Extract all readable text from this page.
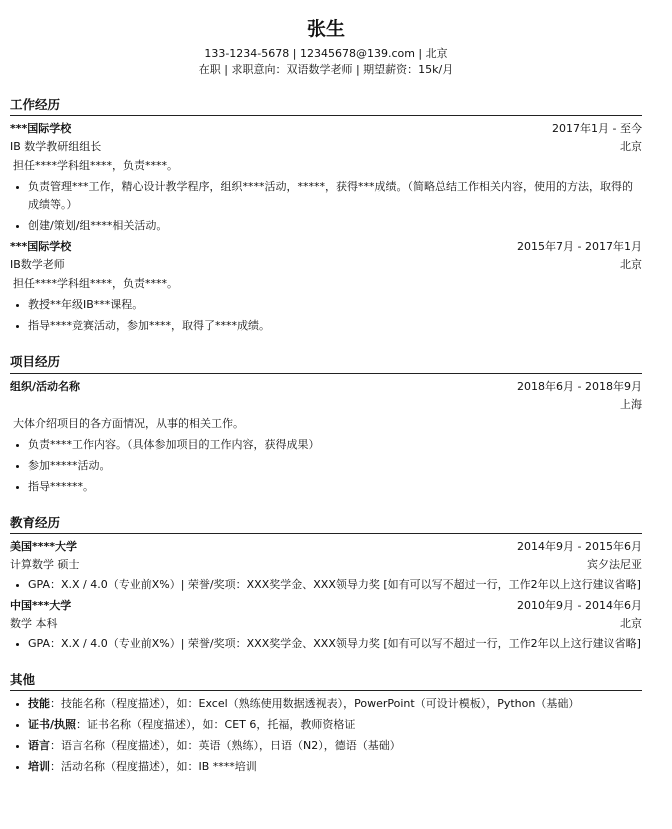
张生
133-1234-5678 | 12345678@139.com | 北京
在职 | 求职意向：双语数学老师 | 期望薪资：15k/月
工作经历
***国际学校	2017年1月 - 至今
IB 数学教研组组长	北京
担任****学科组****，负责****。
• 负责管理***工作，精心设计教学程序，组织****活动，*****，获得***成绩。（简略总结工作相关内容，使用的方法，取得的成绩等。）
• 创建/策划/组****相关活动。
***国际学校	2015年7月 - 2017年1月
IB数学老师	北京
担任****学科组****，负责****。
• 教授**年级IB***课程。
• 指导****竞赛活动，参加****，取得了****成绩。
项目经历
组织/活动名称	2018年6月 - 2018年9月
上海
大体介绍项目的各方面情况，从事的相关工作。
• 负责****工作内容。（具体参加项目的工作内容，获得成果）
• 参加*****活动。
• 指导******。
教育经历
美国****大学	2014年9月 - 2015年6月
计算数学 硕士	宾夕法尼亚
• GPA：X.X / 4.0（专业前X%）| 荣誉/奖项：XXX奖学金、XXX领导力奖 [如有可以写不超过一行，工作2年以上这行建议省略]
中国***大学	2010年9月 - 2014年6月
数学 本科	北京
• GPA：X.X / 4.0（专业前X%）| 荣誉/奖项：XXX奖学金、XXX领导力奖 [如有可以写不超过一行，工作2年以上这行建议省略]
其他
• 技能：技能名称（程度描述），如：Excel（熟练使用数据透视表），PowerPoint（可设计模板），Python（基础）
• 证书/执照：证书名称（程度描述），如：CET 6，托福，教师资格证
• 语言：语言名称（程度描述），如：英语（熟练），日语（N2），德语（基础）
• 培训：活动名称（程度描述），如：IB ****培训
